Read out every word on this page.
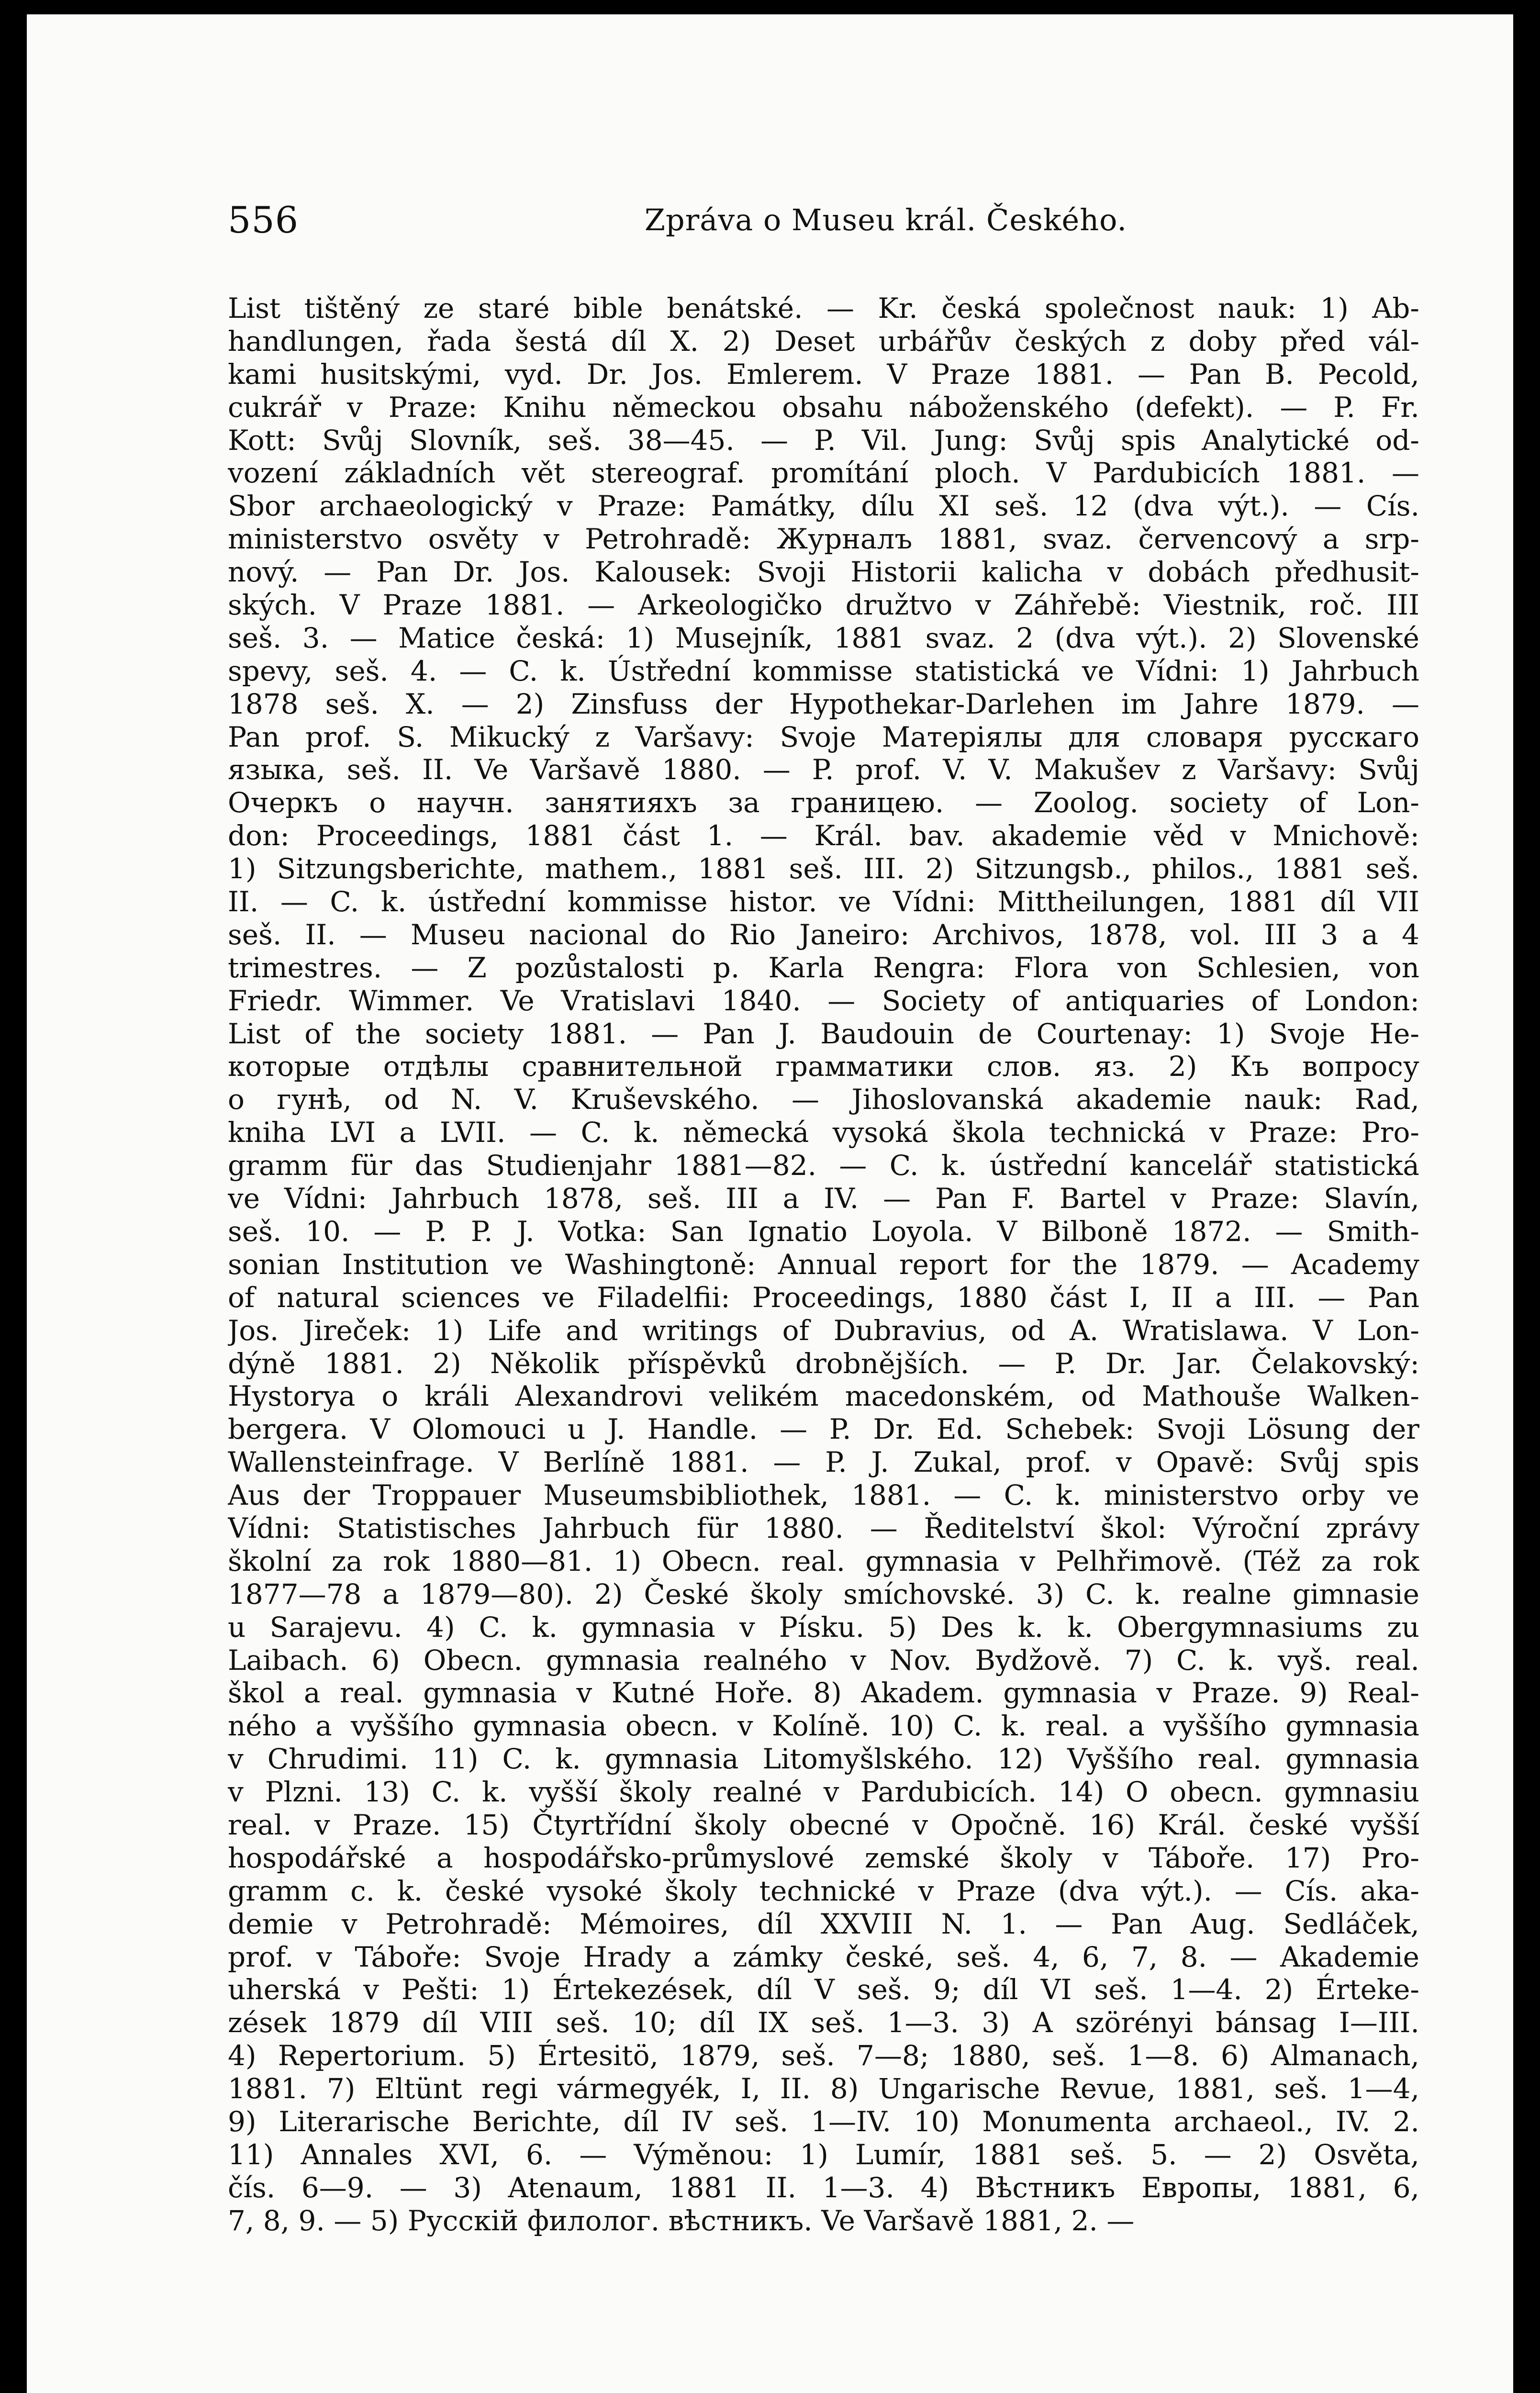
556	Zpráva o Museu král. Českého.
List tištěný ze staré bible benátské. — Kr. česká společnost nauk: 1) Ab-
handlungen, řada šestá díl X. 2) Deset urbářův českých z doby před vál-
kami husitskými, vyd. Dr. Jos. Emlerem. V Praze 1881. — Pan B. Pecold,
cukrář v Praze: Knihu německou obsahu náboženského (defekt). — P. Fr.
Kott: Svůj Slovník, seš. 38—45. — P. Vil. Jung: Svůj spis Analytické od-
vození základních vět stereograf. promítání ploch. V Pardubicích 1881. —
Sbor archaeologický v Praze: Památky, dílu XI seš. 12 (dva výt.). — Cís.
ministerstvo osvěty v Petrohradě: Журналъ 1881, svaz. červencový a srp-
nový. — Pan Dr. Jos. Kalousek: Svoji Historii kalicha v dobách předhusit-
ských. V Praze 1881. — Arkeologičko družtvo v Záhřebě: Viestnik, roč. III
seš. 3. — Matice česká: 1) Musejník, 1881 svaz. 2 (dva výt.). 2) Slovenské
spevy, seš. 4. — C. k. Ústřední kommisse statistická ve Vídni: 1) Jahrbuch
1878 seš. X. — 2) Zinsfuss der Hypothekar-Darlehen im Jahre 1879. —
Pan prof. S. Mikucký z Varšavy: Svoje Матеріялы для словаря русскаго
языка, seš. II. Ve Varšavě 1880. — P. prof. V. V. Makušev z Varšavy: Svůj
Очеркъ о научн. занятияхъ за границею. — Zoolog. society of Lon-
don: Proceedings, 1881 část 1. — Král. bav. akademie věd v Mnichově:
1) Sitzungsberichte, mathem., 1881 seš. III. 2) Sitzungsb., philos., 1881 seš.
II. — C. k. ústřední kommisse histor. ve Vídni: Mittheilungen, 1881 díl VII
seš. II. — Museu nacional do Rio Janeiro: Archivos, 1878, vol. III 3 a 4
trimestres. — Z pozůstalosti p. Karla Rengra: Flora von Schlesien, von
Friedr. Wimmer. Ve Vratislavi 1840. — Society of antiquaries of London:
List of the society 1881. — Pan J. Baudouin de Courtenay: 1) Svoje Не-
которые отдѣлы сравнительной грамматики слов. яз. 2) Къ вопросу
о гунѣ, od N. V. Kruševského. — Jihoslovanská akademie nauk: Rad,
kniha LVI a LVII. — C. k. německá vysoká škola technická v Praze: Pro-
gramm für das Studienjahr 1881—82. — C. k. ústřední kancelář statistická
ve Vídni: Jahrbuch 1878, seš. III a IV. — Pan F. Bartel v Praze: Slavín,
seš. 10. — P. P. J. Votka: San Ignatio Loyola. V Bilboně 1872. — Smith-
sonian Institution ve Washingtoně: Annual report for the 1879. — Academy
of natural sciences ve Filadelfii: Proceedings, 1880 část I, II a III. — Pan
Jos. Jireček: 1) Life and writings of Dubravius, od A. Wratislawa. V Lon-
dýně 1881. 2) Několik příspěvků drobnějších. — P. Dr. Jar. Čelakovský:
Hystorya o králi Alexandrovi velikém macedonském, od Mathouše Walken-
bergera. V Olomouci u J. Handle. — P. Dr. Ed. Schebek: Svoji Lösung der
Wallensteinfrage. V Berlíně 1881. — P. J. Zukal, prof. v Opavě: Svůj spis
Aus der Troppauer Museumsbibliothek, 1881. — C. k. ministerstvo orby ve
Vídni: Statistisches Jahrbuch für 1880. — Ředitelství škol: Výroční zprávy
školní za rok 1880—81. 1) Obecn. real. gymnasia v Pelhřimově. (Též za rok
1877—78 a 1879—80). 2) České školy smíchovské. 3) C. k. realne gimnasie
u Sarajevu. 4) C. k. gymnasia v Písku. 5) Des k. k. Obergymnasiums zu
Laibach. 6) Obecn. gymnasia realného v Nov. Bydžově. 7) C. k. vyš. real.
škol a real. gymnasia v Kutné Hoře. 8) Akadem. gymnasia v Praze. 9) Real-
ného a vyššího gymnasia obecn. v Kolíně. 10) C. k. real. a vyššího gymnasia
v Chrudimi. 11) C. k. gymnasia Litomyšlského. 12) Vyššího real. gymnasia
v Plzni. 13) C. k. vyšší školy realné v Pardubicích. 14) O obecn. gymnasiu
real. v Praze. 15) Čtyrtřídní školy obecné v Opočně. 16) Král. české vyšší
hospodářské a hospodářsko-průmyslové zemské školy v Táboře. 17) Pro-
gramm c. k. české vysoké školy technické v Praze (dva výt.). — Cís. aka-
demie v Petrohradě: Mémoires, díl XXVIII N. 1. — Pan Aug. Sedláček,
prof. v Táboře: Svoje Hrady a zámky české, seš. 4, 6, 7, 8. — Akademie
uherská v Pešti: 1) Értekezések, díl V seš. 9; díl VI seš. 1—4. 2) Érteke-
zések 1879 díl VIII seš. 10; díl IX seš. 1—3. 3) A szörényi bánsag I—III.
4) Repertorium. 5) Értesitö, 1879, seš. 7—8; 1880, seš. 1—8. 6) Almanach,
1881. 7) Eltünt regi vármegyék, I, II. 8) Ungarische Revue, 1881, seš. 1—4,
9) Literarische Berichte, díl IV seš. 1—IV. 10) Monumenta archaeol., IV. 2.
11) Annales XVI, 6. — Výměnou: 1) Lumír, 1881 seš. 5. — 2) Osvěta,
čís. 6—9. — 3) Atenaum, 1881 II. 1—3. 4) Вѣстникъ Европы, 1881, 6,
7, 8, 9. — 5) Русскій филолог. вѣстникъ. Ve Varšavě 1881, 2. —
